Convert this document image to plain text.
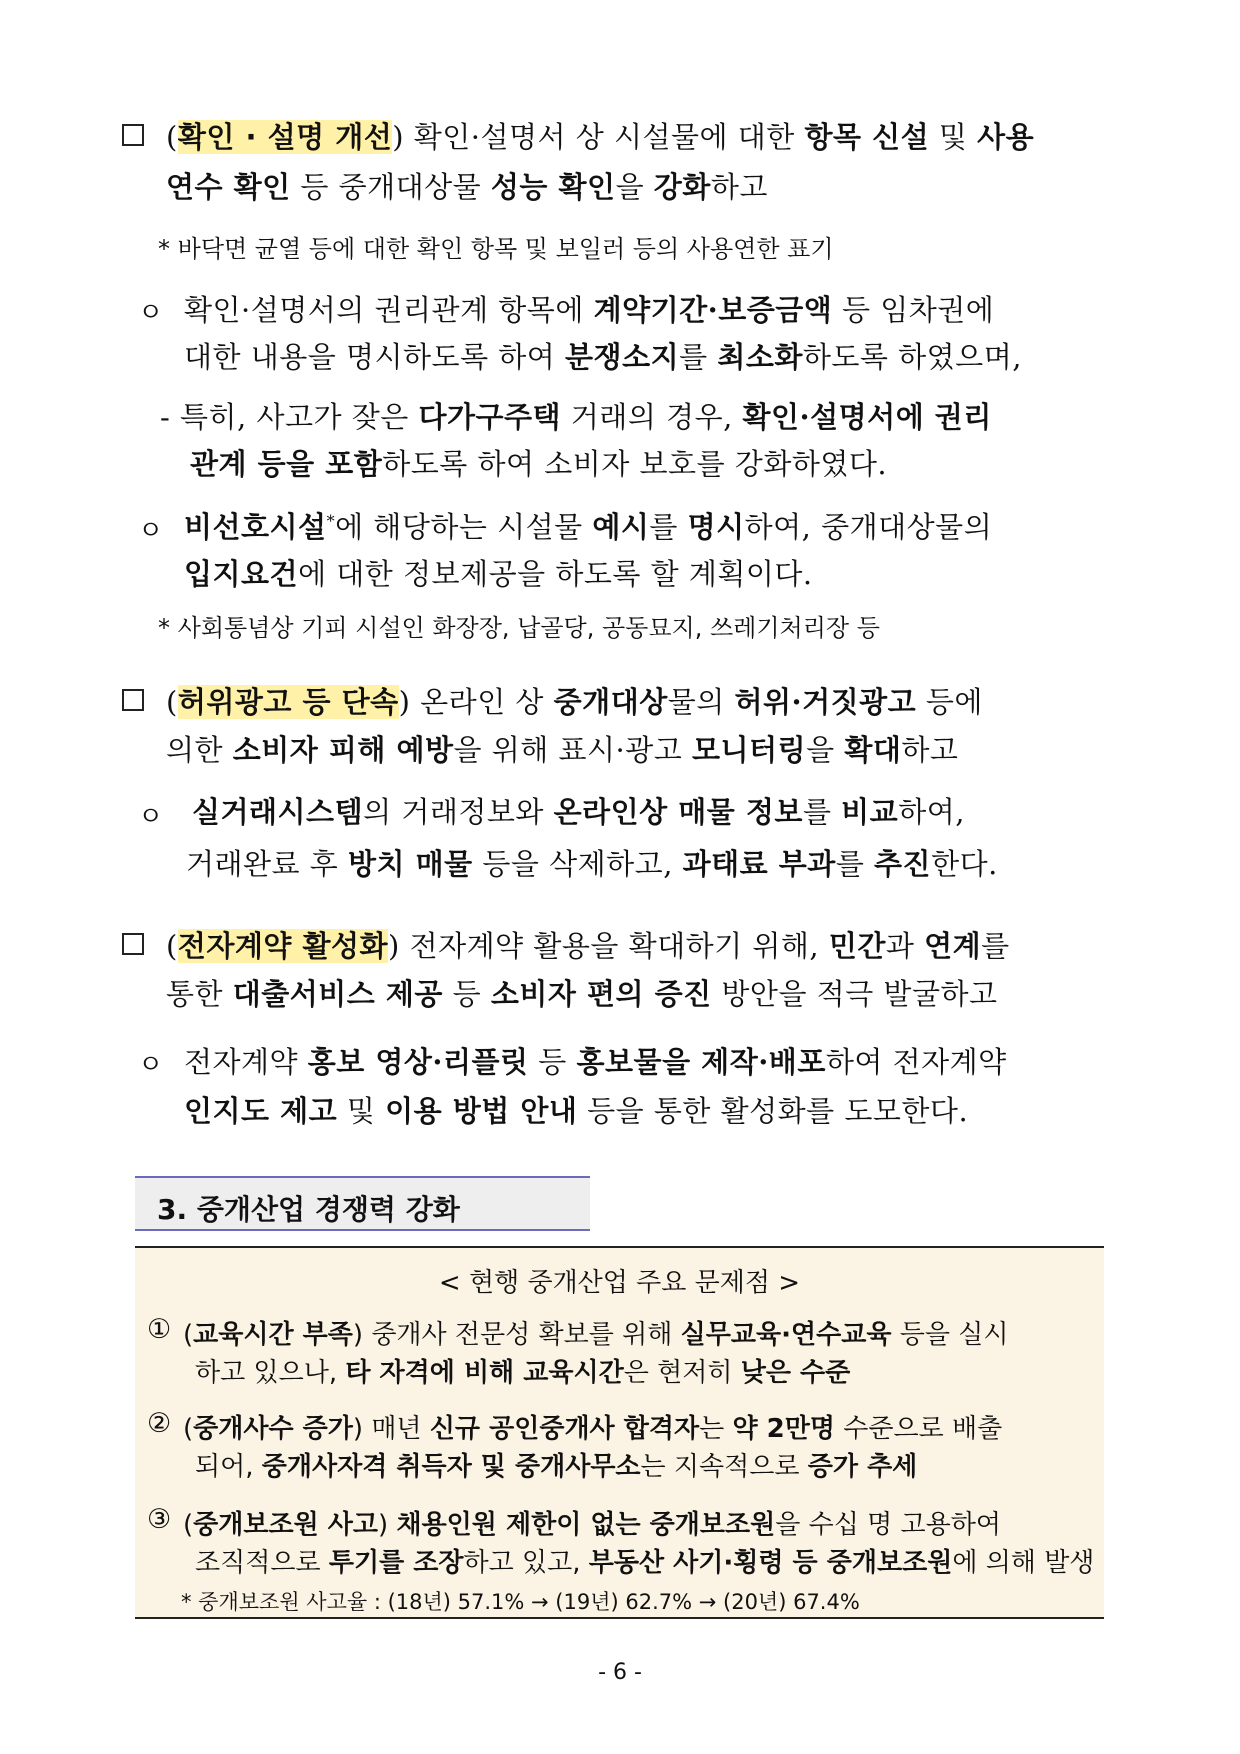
(확인 · 설명 개선) 확인·설명서 상 시설물에 대한 항목 신설 및 사용
연수 확인 등 중개대상물 성능 확인을 강화하고
* 바닥면 균열 등에 대한 확인 항목 및 보일러 등의 사용연한 표기
ㅇ 확인·설명서의 권리관계 항목에 계약기간·보증금액 등 임차권에
대한 내용을 명시하도록 하여 분쟁소지를 최소화하도록 하였으며,
- 특히, 사고가 잦은 다가구주택 거래의 경우, 확인·설명서에 권리
관계 등을 포함하도록 하여 소비자 보호를 강화하였다.
ㅇ 비선호시설*에 해당하는 시설물 예시를 명시하여, 중개대상물의
입지요건에 대한 정보제공을 하도록 할 계획이다.
* 사회통념상 기피 시설인 화장장, 납골당, 공동묘지, 쓰레기처리장 등
(허위광고 등 단속) 온라인 상 중개대상물의 허위·거짓광고 등에
의한 소비자 피해 예방을 위해 표시·광고 모니터링을 확대하고
ㅇ 실거래시스템의 거래정보와 온라인상 매물 정보를 비교하여,
거래완료 후 방치 매물 등을 삭제하고, 과태료 부과를 추진한다.
(전자계약 활성화) 전자계약 활용을 확대하기 위해, 민간과 연계를
통한 대출서비스 제공 등 소비자 편의 증진 방안을 적극 발굴하고
ㅇ 전자계약 홍보 영상·리플릿 등 홍보물을 제작·배포하여 전자계약
인지도 제고 및 이용 방법 안내 등을 통한 활성화를 도모한다.
3. 중개산업 경쟁력 강화
< 현행 중개산업 주요 문제점 >
① (교육시간 부족) 중개사 전문성 확보를 위해 실무교육·연수교육 등을 실시
하고 있으나, 타 자격에 비해 교육시간은 현저히 낮은 수준
② (중개사수 증가) 매년 신규 공인중개사 합격자는 약 2만명 수준으로 배출
되어, 중개사자격 취득자 및 중개사무소는 지속적으로 증가 추세
③ (중개보조원 사고) 채용인원 제한이 없는 중개보조원을 수십 명 고용하여
조직적으로 투기를 조장하고 있고, 부동산 사기·횡령 등 중개보조원에 의해 발생
* 중개보조원 사고율 : (18년) 57.1% → (19년) 62.7% → (20년) 67.4%
- 6 -
